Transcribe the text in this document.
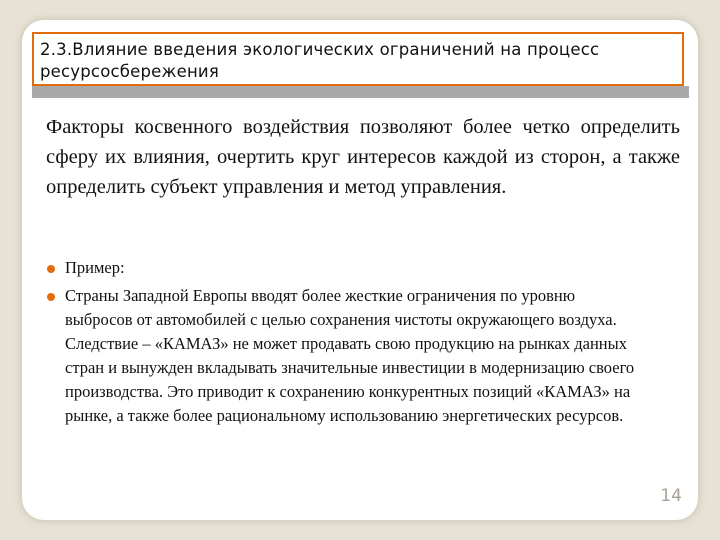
2.3.Влияние введения экологических ограничений на процесс ресурсосбережения
Факторы косвенного воздействия позволяют более четко определить сферу их влияния, очертить круг интересов каждой из сторон, а также определить субъект управления и метод управления.
Пример:
Страны Западной Европы вводят более жесткие ограничения по уровню выбросов от автомобилей с целью сохранения чистоты окружающего воздуха. Следствие – «КАМАЗ» не может продавать свою продукцию на рынках данных стран и вынужден вкладывать значительные инвестиции в модернизацию своего производства. Это приводит к сохранению конкурентных позиций «КАМАЗ» на рынке, а также более рациональному использованию энергетических ресурсов.
14
